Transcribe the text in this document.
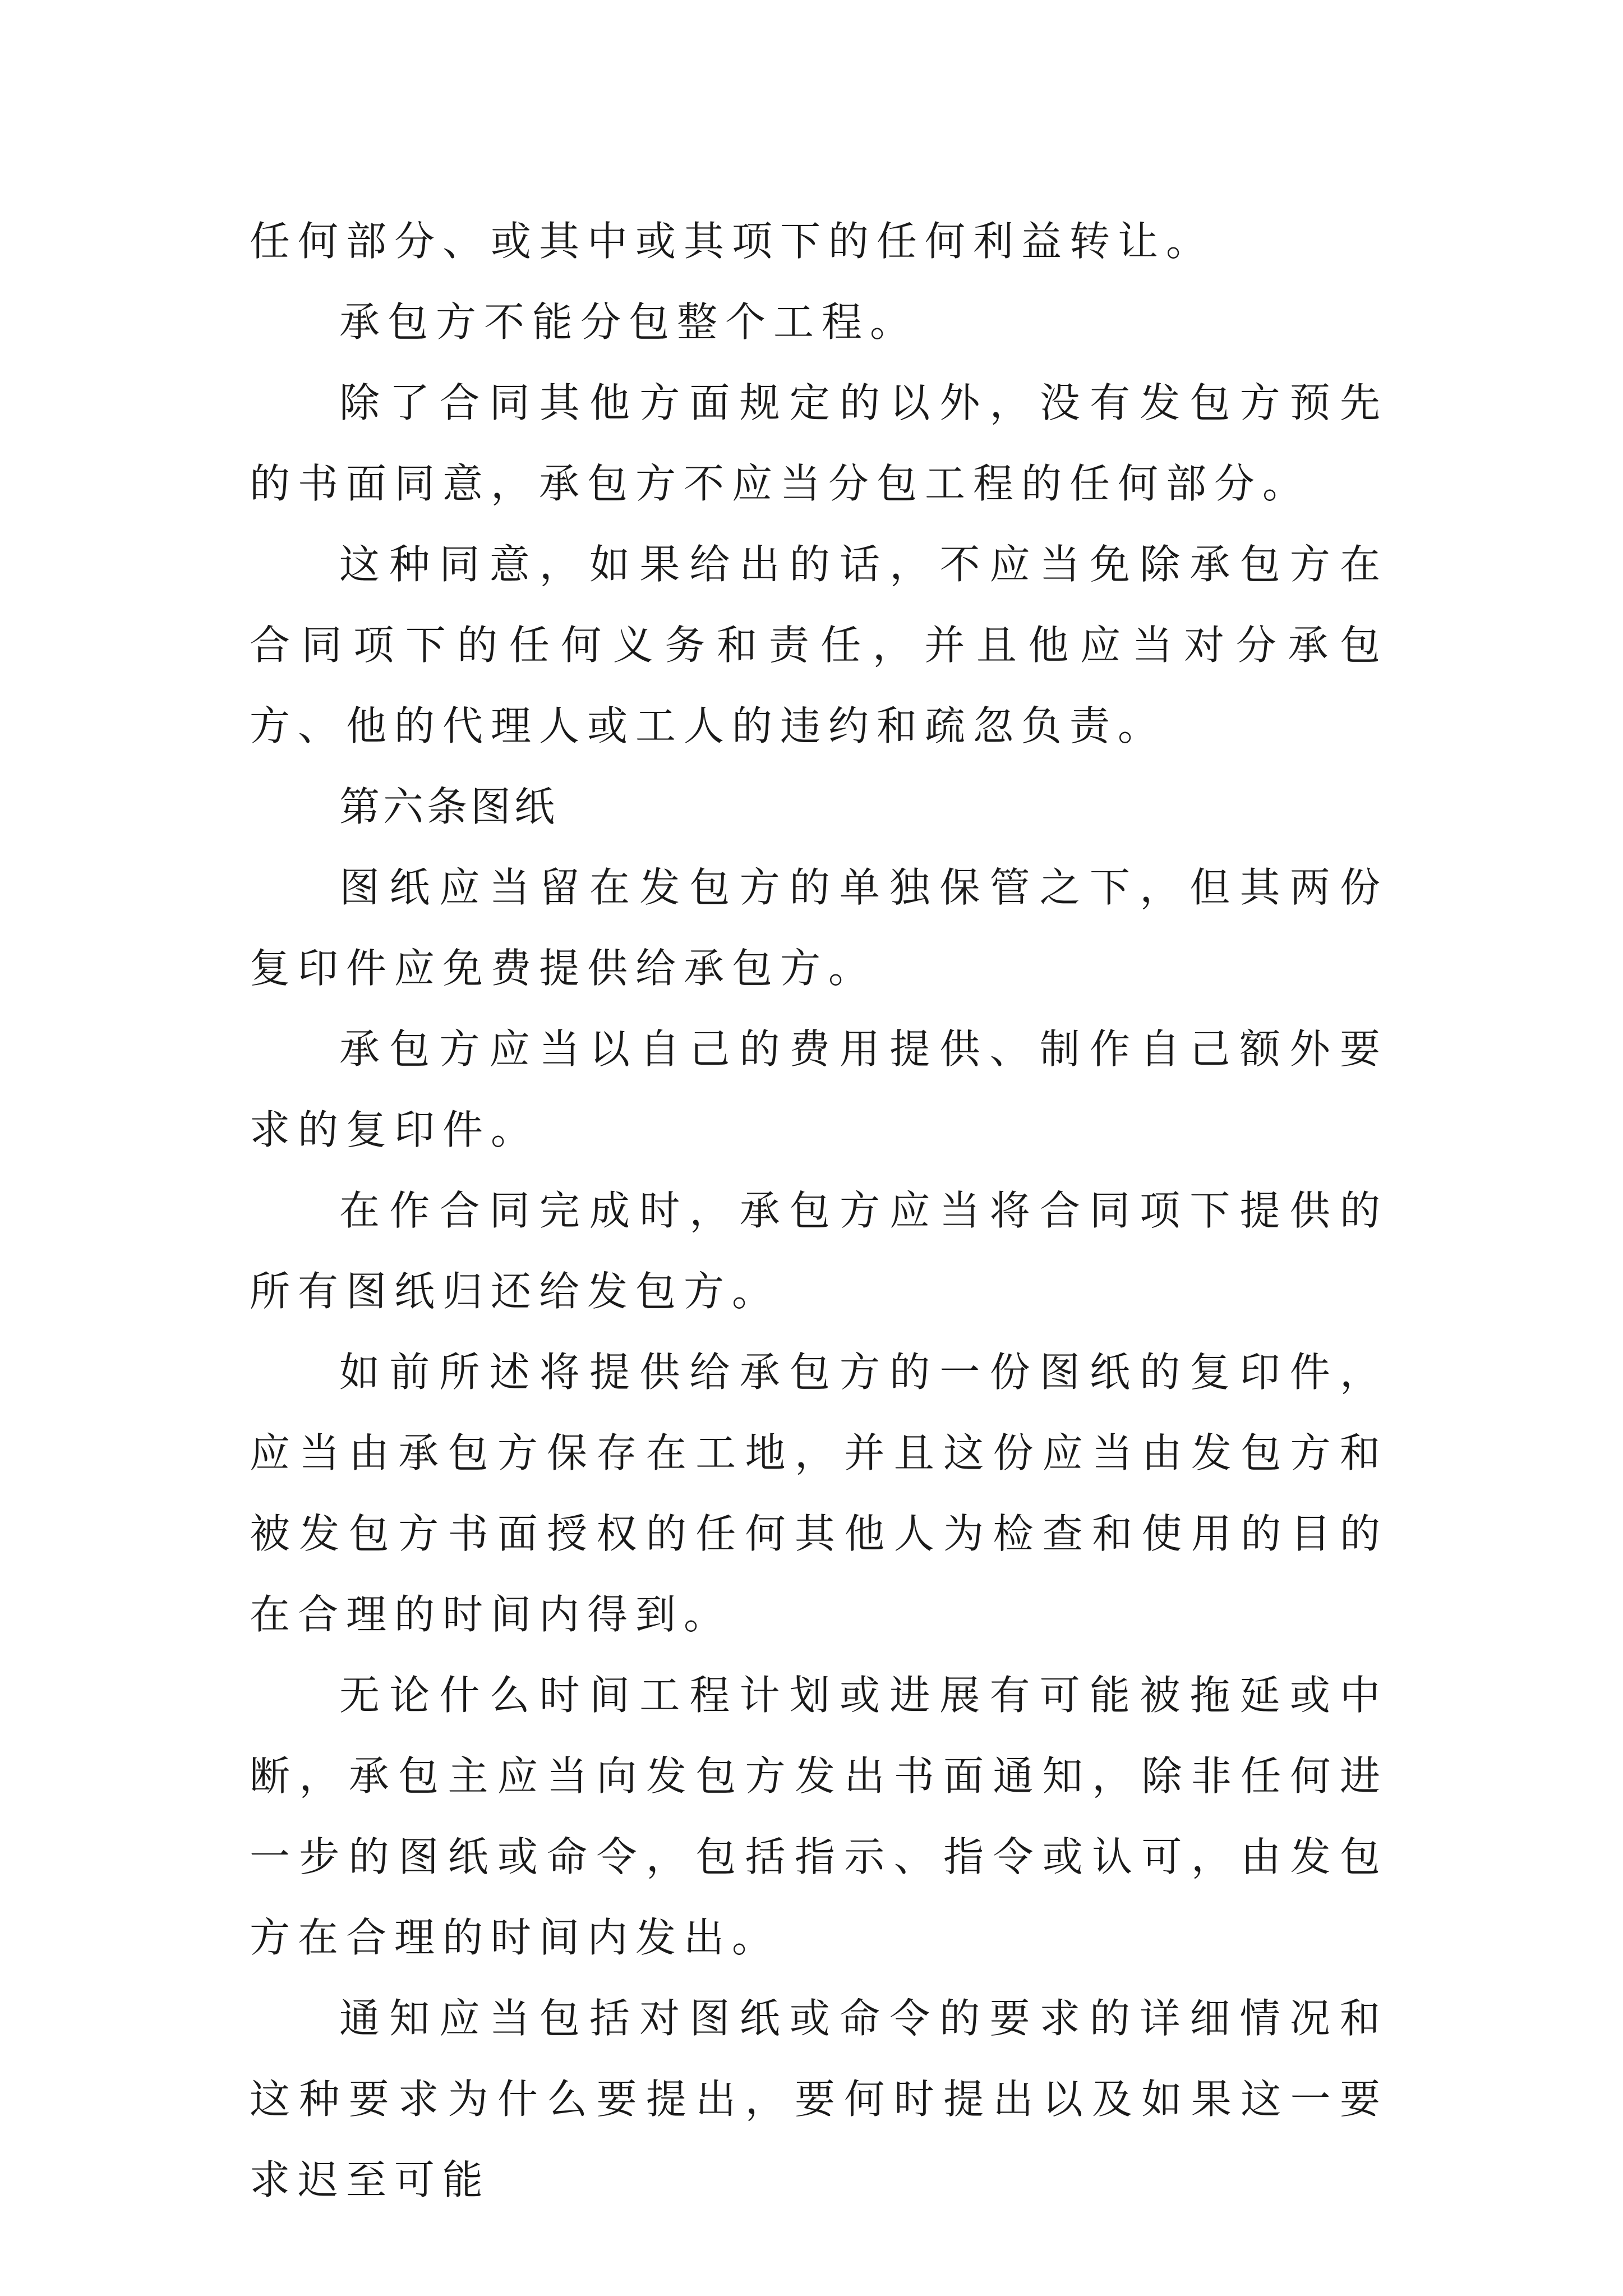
任何部分、或其中或其项下的任何利益转让。

承包方不能分包整个工程。

除了合同其他方面规定的以外，没有发包方预先的书面同意，承包方不应当分包工程的任何部分。

这种同意，如果给出的话，不应当免除承包方在合同项下的任何义务和责任，并且他应当对分承包方、他的代理人或工人的违约和疏忽负责。

第六条图纸

图纸应当留在发包方的单独保管之下，但其两份复印件应免费提供给承包方。

承包方应当以自己的费用提供、制作自己额外要求的复印件。

在作合同完成时，承包方应当将合同项下提供的所有图纸归还给发包方。

如前所述将提供给承包方的一份图纸的复印件，应当由承包方保存在工地，并且这份应当由发包方和被发包方书面授权的任何其他人为检查和使用的目的在合理的时间内得到。

无论什么时间工程计划或进展有可能被拖延或中断，承包主应当向发包方发出书面通知，除非任何进一步的图纸或命令，包括指示、指令或认可，由发包方在合理的时间内发出。

通知应当包括对图纸或命令的要求的详细情况和这种要求为什么要提出，要何时提出以及如果这一要求迟至可能
